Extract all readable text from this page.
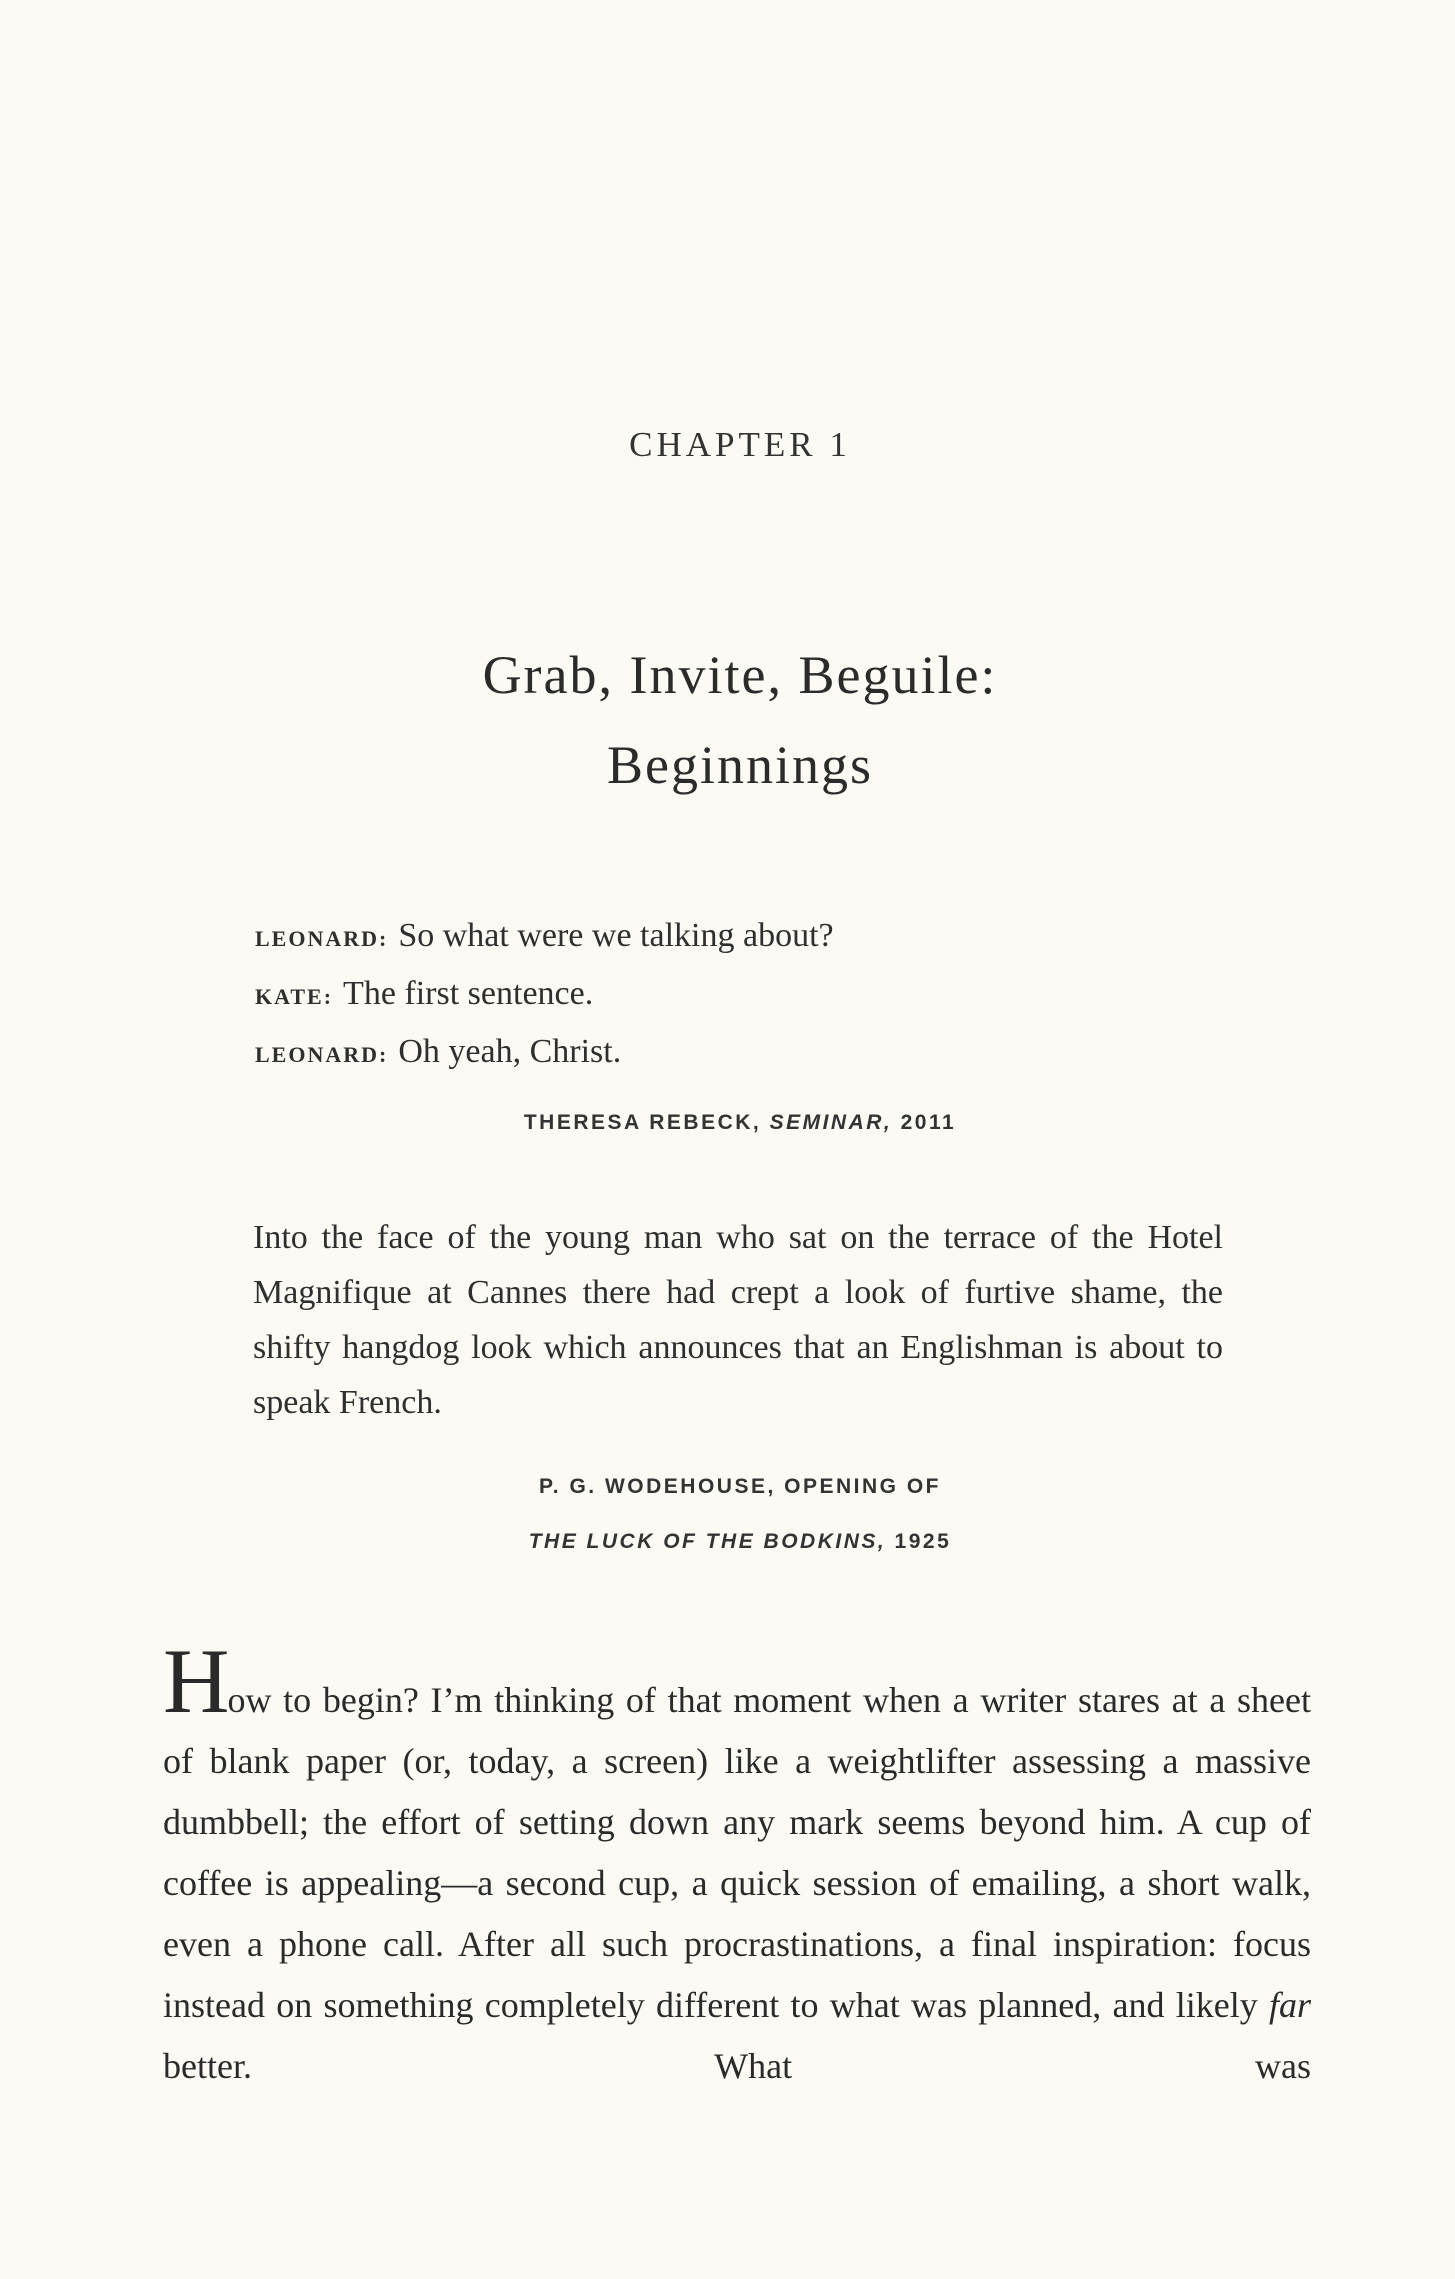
CHAPTER 1
Grab, Invite, Beguile:
Beginnings
LEONARD: So what were we talking about?
KATE: The first sentence.
LEONARD: Oh yeah, Christ.
THERESA REBECK, SEMINAR, 2011
Into the face of the young man who sat on the terrace of the Hotel Magnifique at Cannes there had crept a look of furtive shame, the shifty hangdog look which announces that an Englishman is about to speak French.
P. G. WODEHOUSE, OPENING OF
THE LUCK OF THE BODKINS, 1925
How to begin? I’m thinking of that moment when a writer stares at a sheet of blank paper (or, today, a screen) like a weightlifter assessing a massive dumbbell; the effort of setting down any mark seems beyond him. A cup of coffee is appealing—a second cup, a quick session of emailing, a short walk, even a phone call. After all such procrastinations, a final inspiration: focus instead on something completely different to what was planned, and likely far better. What was
